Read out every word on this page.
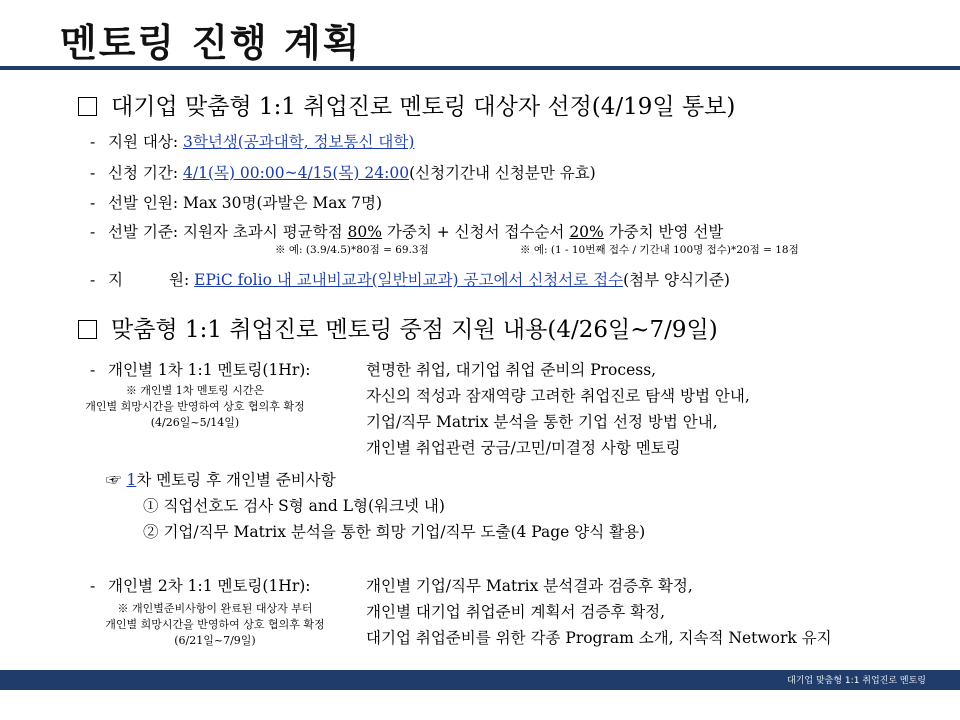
멘토링 진행 계획
대기업 맞춤형 1:1 취업진로 멘토링 대상자 선정(4/19일 통보)
- 지원 대상: 3학년생(공과대학, 정보통신 대학)
- 신청 기간: 4/1(목) 00:00~4/15(목) 24:00(신청기간내 신청분만 유효)
- 선발 인원: Max 30명(과발은 Max 7명)
- 선발 기준: 지원자 초과시 평균학점 80% 가중치 + 신청서 접수순서 20% 가중치 반영 선발
※ 예: (3.9/4.5)*80점 = 69.3점	※ 예: (1 - 10번째 접수 / 기간내 100명 접수)*20점 = 18점
- 지	원: EPiC folio 내 교내비교과(일반비교과) 공고에서 신청서로 접수(첨부 양식기준)
맞춤형 1:1 취업진로 멘토링 중점 지원 내용(4/26일~7/9일)
- 개인별 1차 1:1 멘토링(1Hr):	현명한 취업, 대기업 취업 준비의 Process,
자신의 적성과 잠재역량 고려한 취업진로 탐색 방법 안내,
기업/직무 Matrix 분석을 통한 기업 선정 방법 안내,
개인별 취업관련 궁금/고민/미결정 사항 멘토링
※ 개인별 1차 멘토링 시간은
개인별 희망시간을 반영하여 상호 협의후 확정
(4/26일~5/14일)
☞ 1차 멘토링 후 개인별 준비사항
① 직업선호도 검사 S형 and L형(워크넷 내)
② 기업/직무 Matrix 분석을 통한 희망 기업/직무 도출(4 Page 양식 활용)
- 개인별 2차 1:1 멘토링(1Hr):	개인별 기업/직무 Matrix 분석결과 검증후 확정,
개인별 대기업 취업준비 계획서 검증후 확정,
대기업 취업준비를 위한 각종 Program 소개, 지속적 Network 유지
※ 개인별준비사항이 완료된 대상자 부터
개인별 희망시간을 반영하여 상호 협의후 확정
(6/21일~7/9일)
대기업 맞춤형 1:1 취업진로 멘토링
